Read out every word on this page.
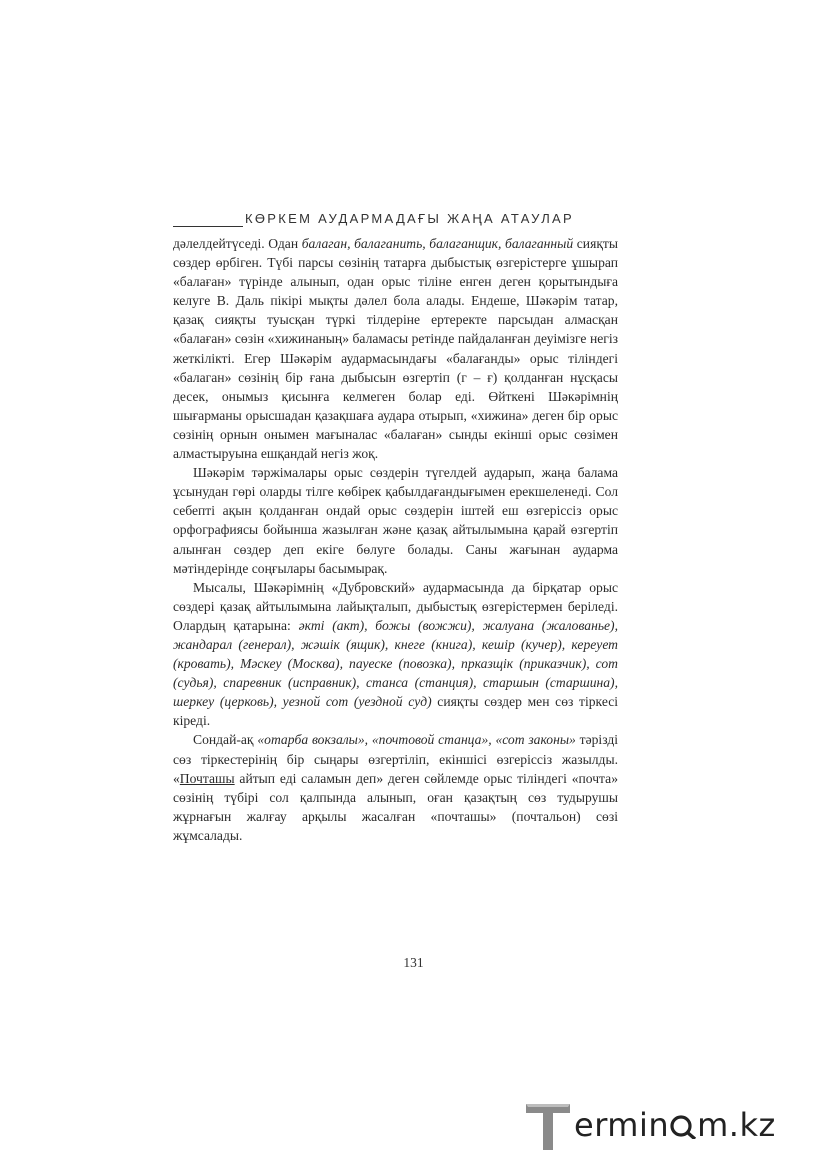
КӨРКЕМ АУДАРМАДАҒЫ ЖАҢА АТАУЛАР

дәлелдейтүседі. Одан балаган, балаганить, балаганщик, балаганный сияқты сөздер өрбіген. Түбі парсы сөзінің татарға дыбыстық өзгерістерге ұшырап «балаған» түрінде алынып, одан орыс тіліне енген деген қорытындыға келуге В. Даль пікірі мықты дәлел бола алады. Ендеше, Шәкәрім татар, қазақ сияқты туысқан түркі тілдеріне ертеректе парсыдан алмасқан «балаған» сөзін «хижинаның» баламасы ретінде пайдаланған деуімізге негіз жеткілікті. Егер Шәкәрім аудармасындағы «балағанды» орыс тіліндегі «балаган» сөзінің бір ғана дыбысын өзгертіп (г – ғ) қолданған нұсқасы десек, онымыз қисынға келмеген болар еді. Өйткені Шәкәрімнің шығарманы орысшадан қазақшаға аудара отырып, «хижина» деген бір орыс сөзінің орнын онымен мағыналас «балаған» сынды екінші орыс сөзімен алмастыруына ешқандай негіз жоқ.

Шәкәрім тәржімалары орыс сөздерін түгелдей аударып, жаңа балама ұсынудан гөрі оларды тілге көбірек қабылдағандығымен ерекшеленеді. Сол себепті ақын қолданған ондай орыс сөздерін іштей еш өзгеріссіз орыс орфографиясы бойынша жазылған және қазақ айтылымына қарай өзгертіп алынған сөздер деп екіге бөлуге болады. Саны жағынан аударма мәтіндерінде соңғылары басымырақ.

Мысалы, Шәкәрімнің «Дубровский» аудармасында да бірқатар орыс сөздері қазақ айтылымына лайықталып, дыбыстық өзгерістермен беріледі. Олардың қатарына: әкті (акт), божы (вожжи), жалуана (жалованье), жандарал (генерал), жәшік (ящик), кнеге (книга), кешір (кучер), кереует (кровать), Мәскеу (Москва), пауеске (повозка), прказщік (приказчик), сот (судья), спаревник (исправник), станса (станция), старшын (старшина), шеркеу (церковь), уезной сот (уездной суд) сияқты сөздер мен сөз тіркесі кіреді.

Сондай-ақ «отарба вокзалы», «почтовой станца», «сот законы» тәрізді сөз тіркестерінің бір сыңары өзгертіліп, екіншісі өзгеріссіз жазылды. «Почташы айтып еді саламын деп» деген сөйлемде орыс тіліндегі «почта» сөзінің түбірі сол қалпында алынып, оған қазақтың сөз тудырушы жұрнағын жалғау арқылы жасалған «почташы» (почтальон) сөзі жұмсалады.

131
ermin m.kz
